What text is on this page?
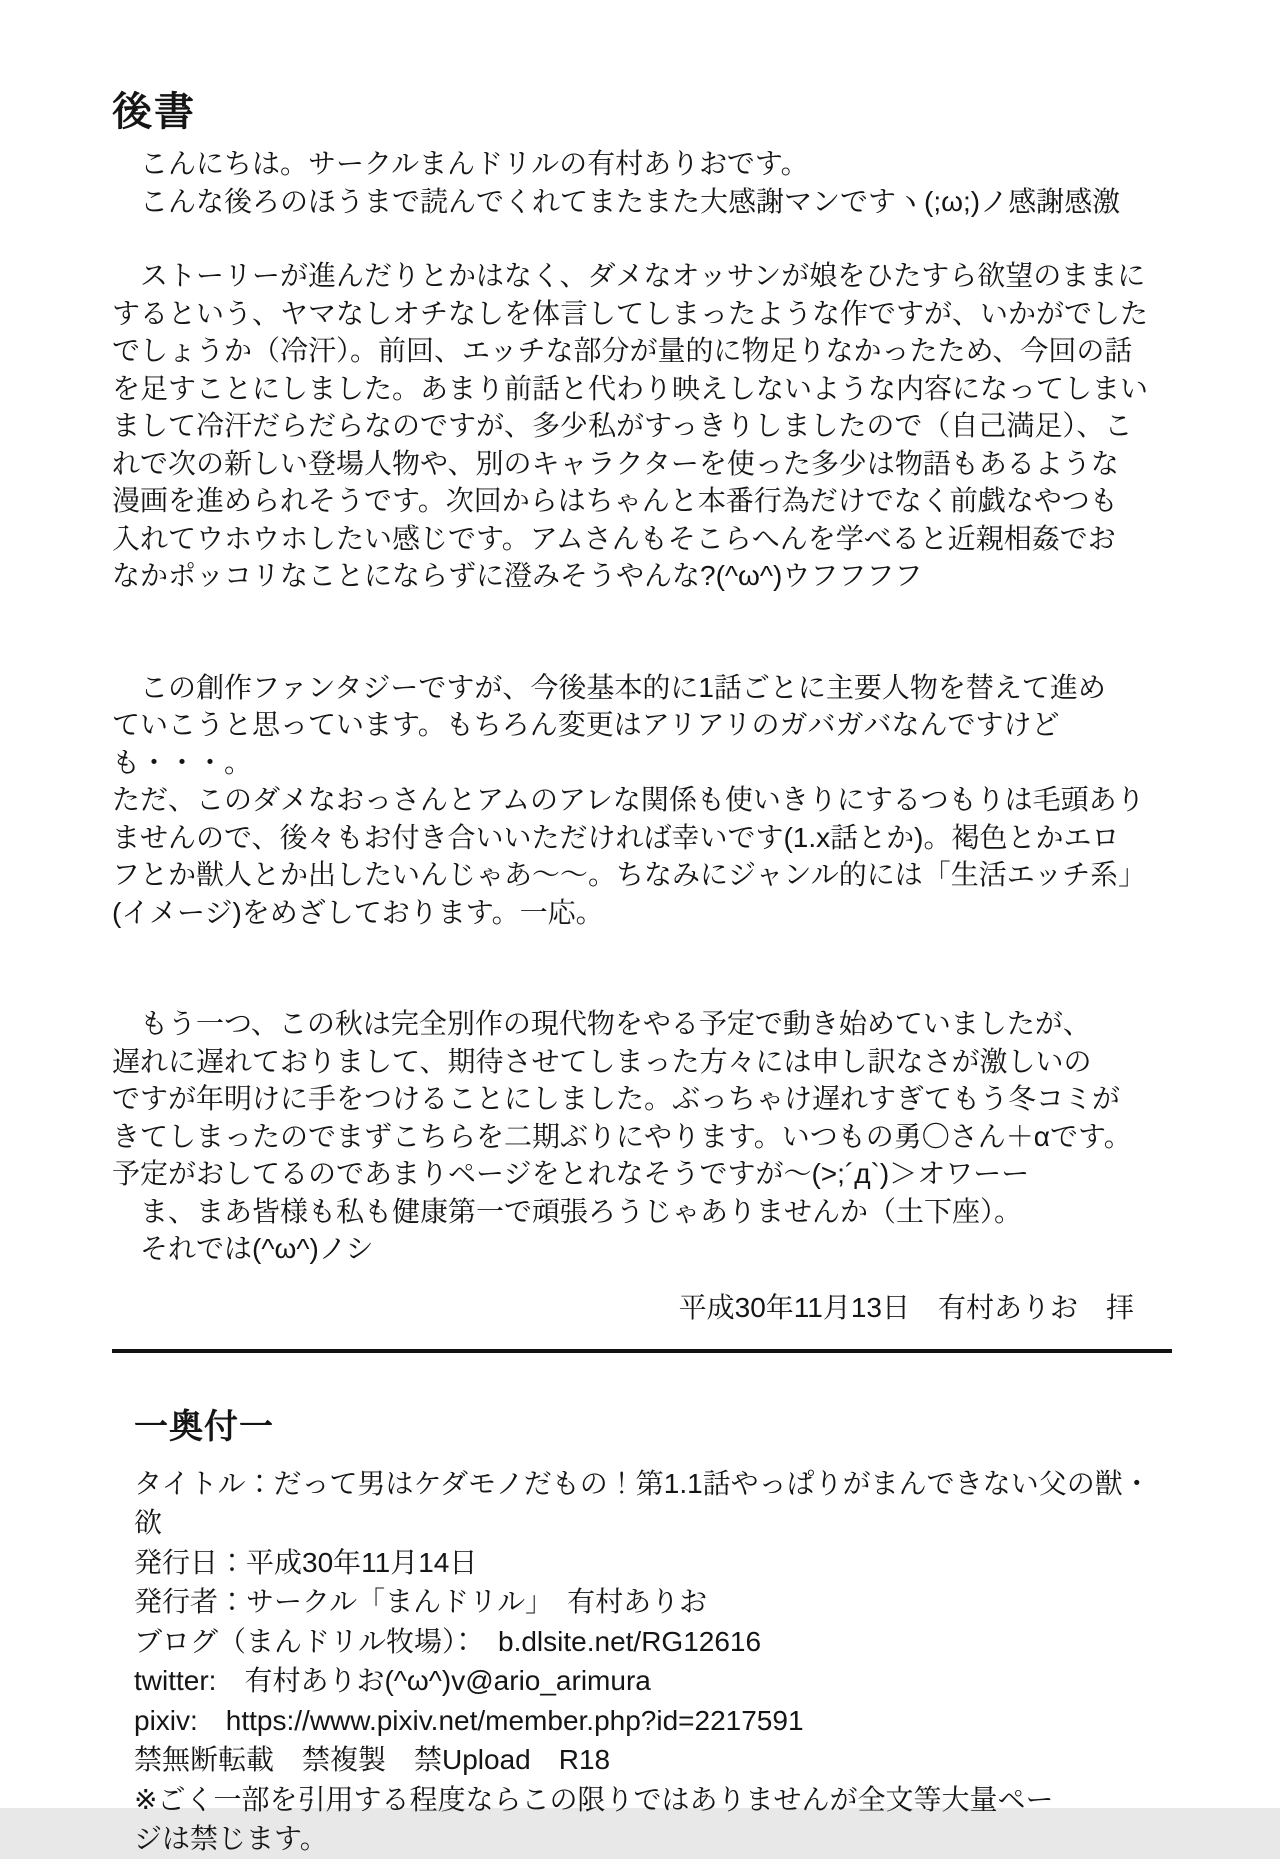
後書
　こんにちは。サークルまんドリルの有村ありおです。
　こんな後ろのほうまで読んでくれてまたまた大感謝マンですヽ(;ω;)ノ感謝感激
　ストーリーが進んだりとかはなく、ダメなオッサンが娘をひたすら欲望のままに
するという、ヤマなしオチなしを体言してしまったような作ですが、いかがでした
でしょうか（冷汗）。前回、エッチな部分が量的に物足りなかったため、今回の話
を足すことにしました。あまり前話と代わり映えしないような内容になってしまい
まして冷汗だらだらなのですが、多少私がすっきりしましたので（自己満足）、こ
れで次の新しい登場人物や、別のキャラクターを使った多少は物語もあるような
漫画を進められそうです。次回からはちゃんと本番行為だけでなく前戯なやつも
入れてウホウホしたい感じです。アムさんもそこらへんを学べると近親相姦でお
なかポッコリなことにならずに澄みそうやんな?(^ω^)ウフフフフ
　この創作ファンタジーですが、今後基本的に1話ごとに主要人物を替えて進め
ていこうと思っています。もちろん変更はアリアリのガバガバなんですけども・・・。
ただ、このダメなおっさんとアムのアレな関係も使いきりにするつもりは毛頭あり
ませんので、後々もお付き合いいただければ幸いです(1.x話とか)。褐色とかエロ
フとか獣人とか出したいんじゃあ～～。ちなみにジャンル的には「生活エッチ系」
(イメージ)をめざしております。一応。
　もう一つ、この秋は完全別作の現代物をやる予定で動き始めていましたが、
遅れに遅れておりまして、期待させてしまった方々には申し訳なさが激しいの
ですが年明けに手をつけることにしました。ぶっちゃけ遅れすぎてもう冬コミが
きてしまったのでまずこちらを二期ぶりにやります。いつもの勇〇さん＋αです。
予定がおしてるのであまりページをとれなそうですが～(>;´д`)＞オワーー
　ま、まあ皆様も私も健康第一で頑張ろうじゃありませんか（土下座）。
　それでは(^ω^)ノシ
平成30年11月13日　有村ありお　拝
一奥付一
タイトル：だって男はケダモノだもの！第1.1話やっぱりがまんできない父の獣・欲
発行日：平成30年11月14日
発行者：サークル「まんドリル」　有村ありお
ブログ（まんドリル牧場）：　b.dlsite.net/RG12616
twitter:　有村ありお(^ω^)v@ario_arimura
pixiv:　https://www.pixiv.net/member.php?id=2217591
禁無断転載　禁複製　禁Upload　R18
※ごく一部を引用する程度ならこの限りではありませんが全文等大量ペー
ジは禁じます。
